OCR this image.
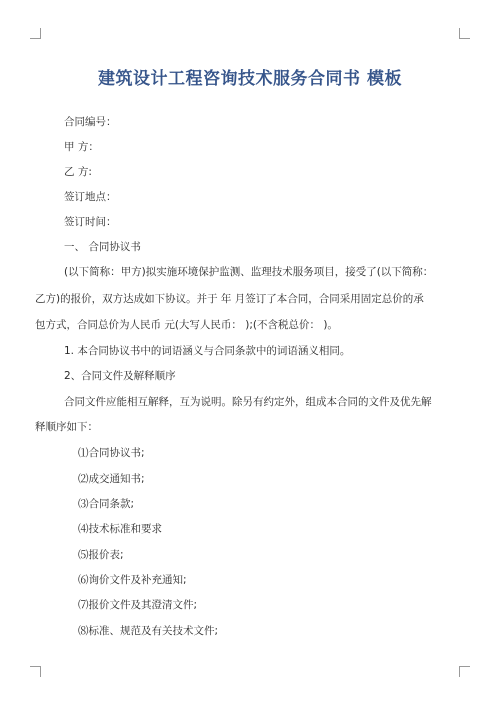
建筑设计工程咨询技术服务合同书 模板
合同编号：
甲 方：
乙 方:
签订地点：
签订时间：
一、 合同协议书
(以下简称：甲方)拟实施环境保护监测、监理技术服务项目，接受了(以下简称：
乙方)的报价，双方达成如下协议。并于 年 月签订了本合同，合同采用固定总价的承
包方式，合同总价为人民币 元(大写人民币： );(不含税总价： )。
1. 本合同协议书中的词语涵义与合同条款中的词语涵义相同。
2、合同文件及解释顺序
合同文件应能相互解释，互为说明。除另有约定外，组成本合同的文件及优先解
释顺序如下：
⑴合同协议书;
⑵成交通知书;
⑶合同条款;
⑷技术标准和要求
⑸报价表;
⑹询价文件及补充通知;
⑺报价文件及其澄清文件;
⑻标准、规范及有关技术文件;
